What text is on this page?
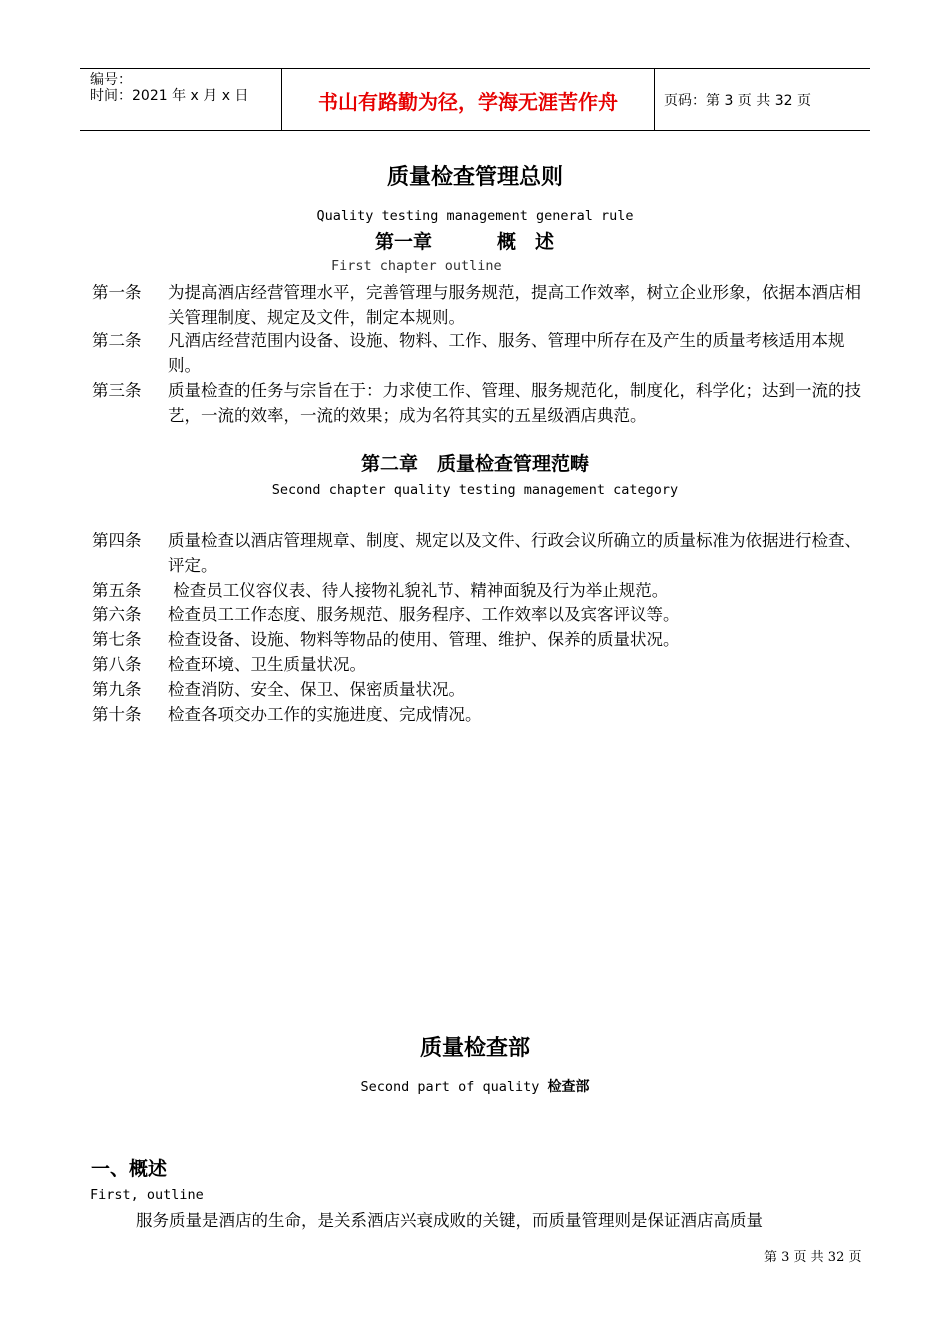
编号：
时间：2021 年 x 月 x 日	书山有路勤为径，学海无涯苦作舟	页码：第 3 页 共 32 页
质量检查管理总则
Quality testing management general rule
第一章	概　述
First chapter outline
第一条 为提高酒店经营管理水平，完善管理与服务规范，提高工作效率，树立企业形象，依据本酒店相关管理制度、规定及文件，制定本规则。
第二条 凡酒店经营范围内设备、设施、物料、工作、服务、管理中所存在及产生的质量考核适用本规则。
第三条 质量检查的任务与宗旨在于：力求使工作、管理、服务规范化，制度化，科学化；达到一流的技艺，一流的效率，一流的效果；成为名符其实的五星级酒店典范。
第二章　质量检查管理范畴
Second chapter quality testing management category
第四条 质量检查以酒店管理规章、制度、规定以及文件、行政会议所确立的质量标准为依据进行检查、评定。
第五条 检查员工仪容仪表、待人接物礼貌礼节、精神面貌及行为举止规范。
第六条 检查员工工作态度、服务规范、服务程序、工作效率以及宾客评议等。
第七条 检查设备、设施、物料等物品的使用、管理、维护、保养的质量状况。
第八条 检查环境、卫生质量状况。
第九条 检查消防、安全、保卫、保密质量状况。
第十条 检查各项交办工作的实施进度、完成情况。
质量检查部
Second part of quality 检查部
一、概述
First, outline
服务质量是酒店的生命，是关系酒店兴衰成败的关键，而质量管理则是保证酒店高质量
第 3 页 共 32 页
